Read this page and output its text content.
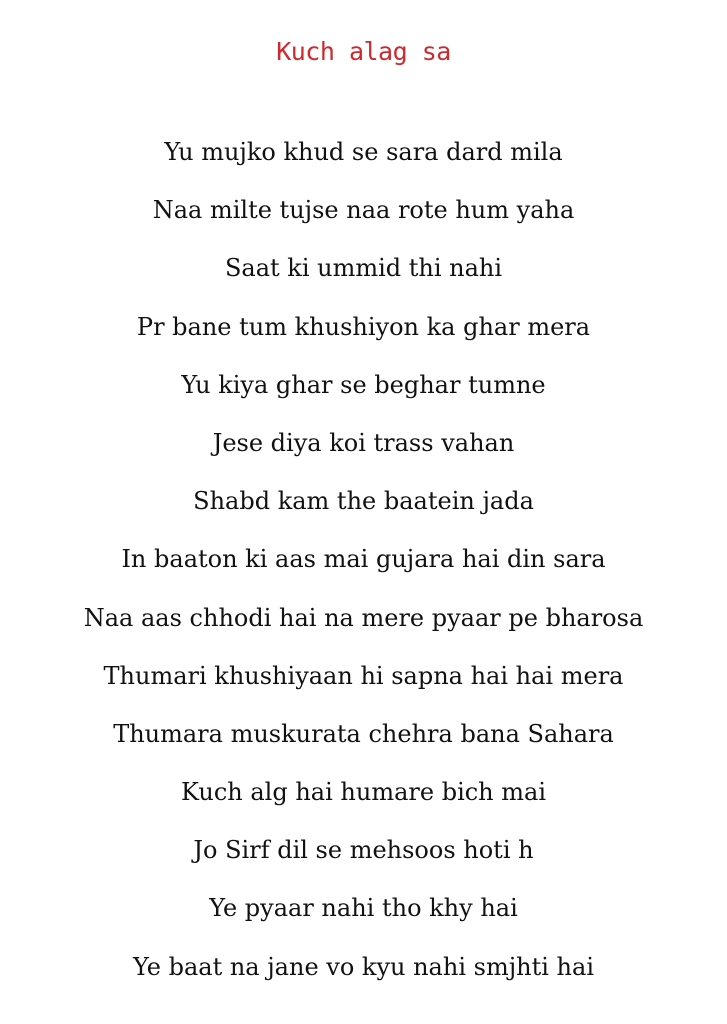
Kuch alag sa
Yu mujko khud se sara dard mila
Naa milte tujse naa rote hum yaha
Saat ki ummid thi nahi
Pr bane tum khushiyon ka ghar mera
Yu kiya ghar se beghar tumne
Jese diya koi trass vahan
Shabd kam the baatein jada
In baaton ki aas mai gujara hai din sara
Naa aas chhodi hai na mere pyaar pe bharosa
Thumari khushiyaan hi sapna hai hai mera
Thumara muskurata chehra bana Sahara
Kuch alg hai humare bich mai
Jo Sirf dil se mehsoos hoti h
Ye pyaar nahi tho khy hai
Ye baat na jane vo kyu nahi smjhti hai
